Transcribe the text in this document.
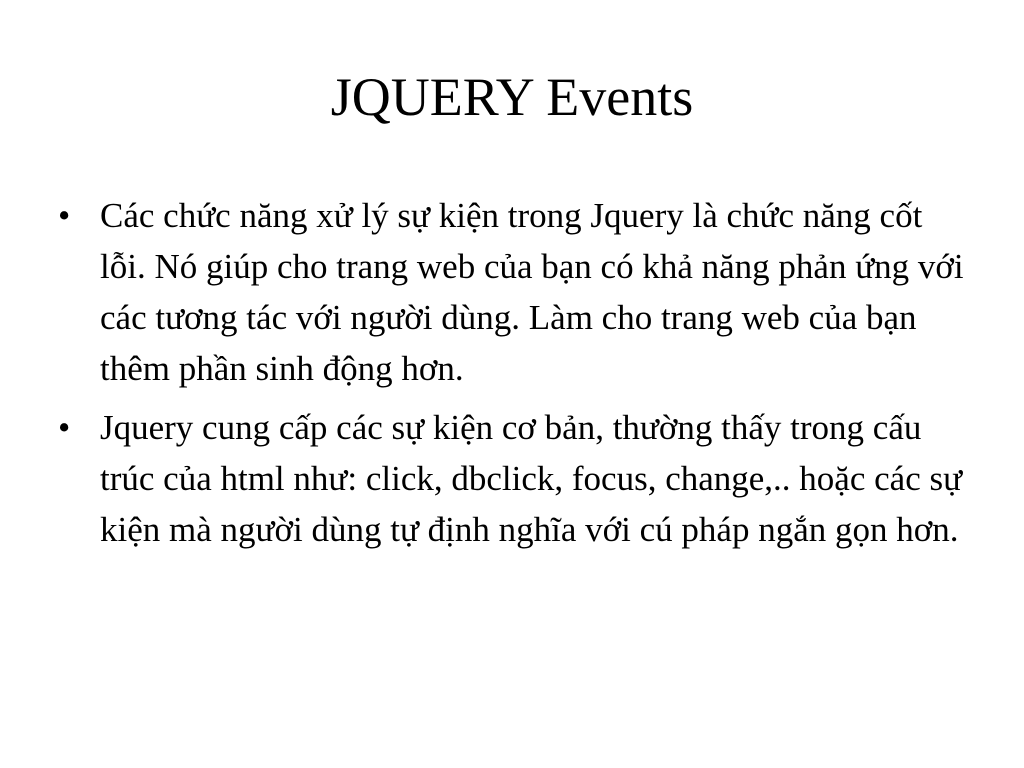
JQUERY Events
• Các chức năng xử lý sự kiện trong Jquery là chức năng cốt lỗi. Nó giúp cho trang web của bạn có khả năng phản ứng với các tương tác với người dùng. Làm cho trang web của bạn thêm phần sinh động hơn.
• Jquery cung cấp các sự kiện cơ bản, thường thấy trong cấu trúc của html như: click, dbclick, focus, change,.. hoặc các sự kiện mà người dùng tự định nghĩa với cú pháp ngắn gọn hơn.
